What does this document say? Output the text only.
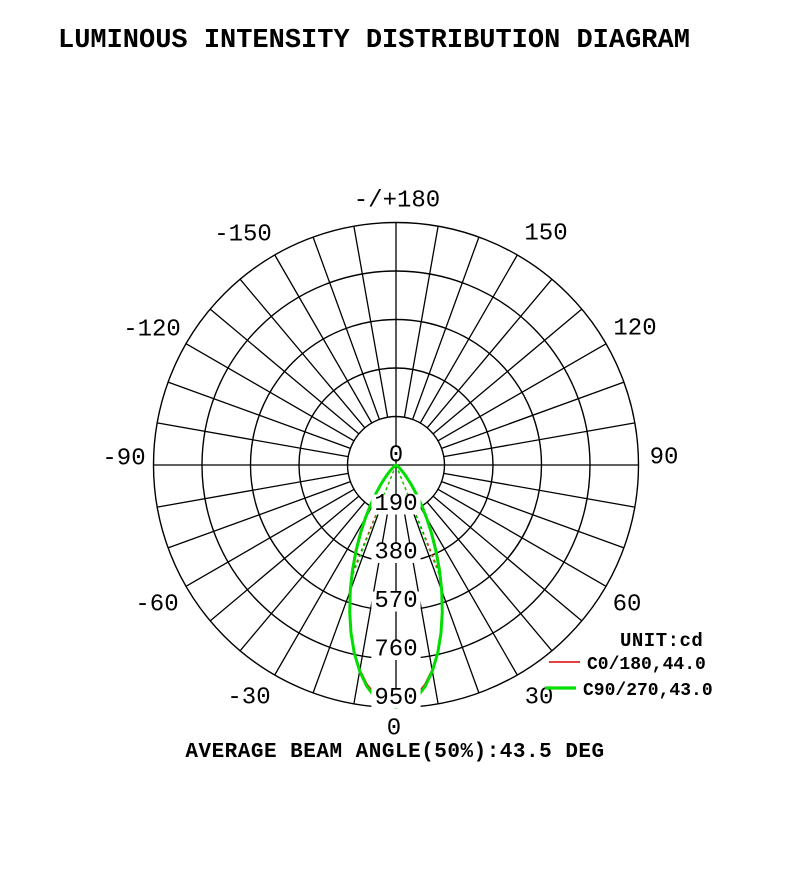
LUMINOUS INTENSITY DISTRIBUTION DIAGRAM
0
190
380
570
760
950
-/+180
-150	150
-120	120
-90	90
-60	60
-30	30
0
UNIT:cd
C0/180,44.0
C90/270,43.0
AVERAGE BEAM ANGLE(50%):43.5 DEG
